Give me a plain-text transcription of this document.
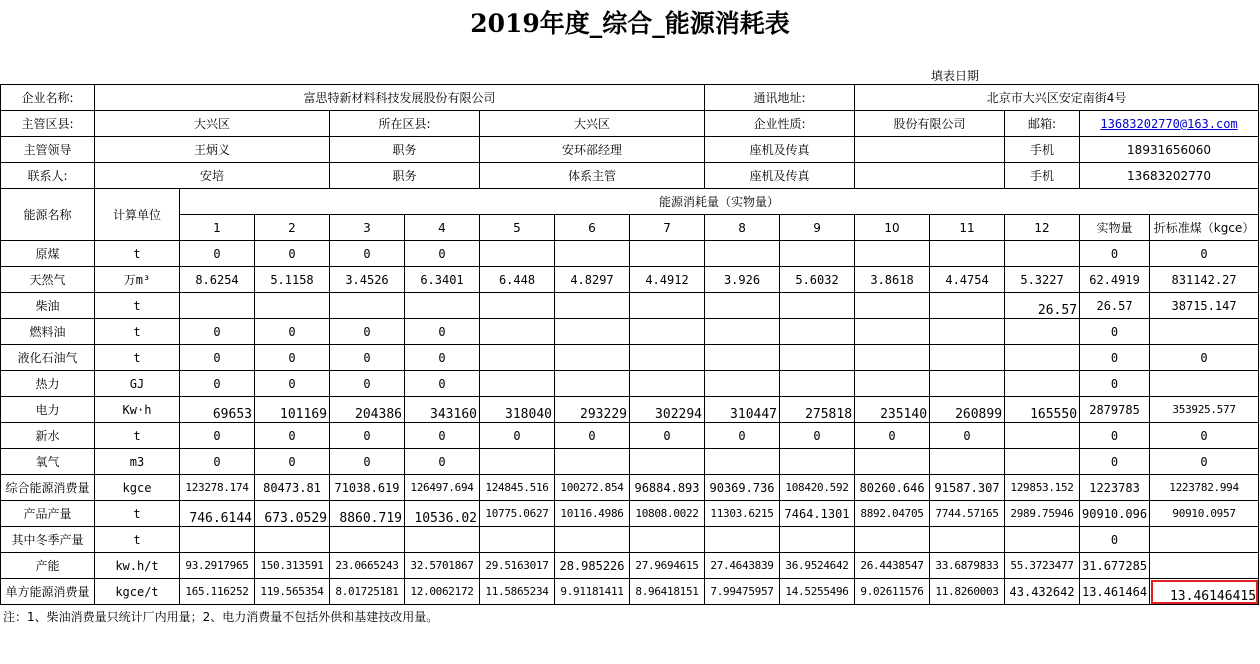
2019年度_综合_能源消耗表
填表日期
企业名称:	富思特新材料科技发展股份有限公司								通讯地址:		北京市大兴区安定南街4号				
主管区县:	大兴区			所在区县:		大兴区			企业性质:		股份有限公司		邮箱:	13683202770@163.com	
主管领导	王炳义			职务		安环部经理			座机及传真				手机	18931656060	
联系人:	安培			职务		体系主管			座机及传真				手机	13683202770	
能源名称	计算单位	能源消耗量（实物量）													
		1	2	3	4	5	6	7	8	9	10	11	12	实物量	折标准煤（kgce）
原煤	t	0	0	0	0									0	0
天然气	万m³	8.6254	5.1158	3.4526	6.3401	6.448	4.8297	4.4912	3.926	5.6032	3.8618	4.4754	5.3227	62.4919	831142.27
柴油	t												26.57	26.57	38715.147
燃料油	t	0	0	0	0									0	
液化石油气	t	0	0	0	0									0	0
热力	GJ	0	0	0	0									0	
电力	Kw·h	69653	101169	204386	343160	318040	293229	302294	310447	275818	235140	260899	165550	2879785	353925.577
新水	t	0	0	0	0	0	0	0	0	0	0	0		0	0
氧气	m3	0	0	0	0									0	0
综合能源消费量	kgce	123278.174	80473.81	71038.619	126497.694	124845.516	100272.854	96884.893	90369.736	108420.592	80260.646	91587.307	129853.152	1223783	1223782.994
产品产量	t	746.6144	673.0529	8860.719	10536.02	10775.0627	10116.4986	10808.0022	11303.6215	7464.1301	8892.04705	7744.57165	2989.75946	90910.096	90910.0957
其中冬季产量	t													0	
产能	kw.h/t	93.2917965	150.313591	23.0665243	32.5701867	29.5163017	28.985226	27.9694615	27.4643839	36.9524642	26.4438547	33.6879833	55.3723477	31.677285	
单方能源消费量	kgce/t	165.116252	119.565354	8.01725181	12.0062172	11.5865234	9.91181411	8.96418151	7.99475957	14.5255496	9.02611576	11.8260003	43.432642	13.461464	13.46146415
注：1、柴油消费量只统计厂内用量；2、电力消费量不包括外供和基建技改用量。
